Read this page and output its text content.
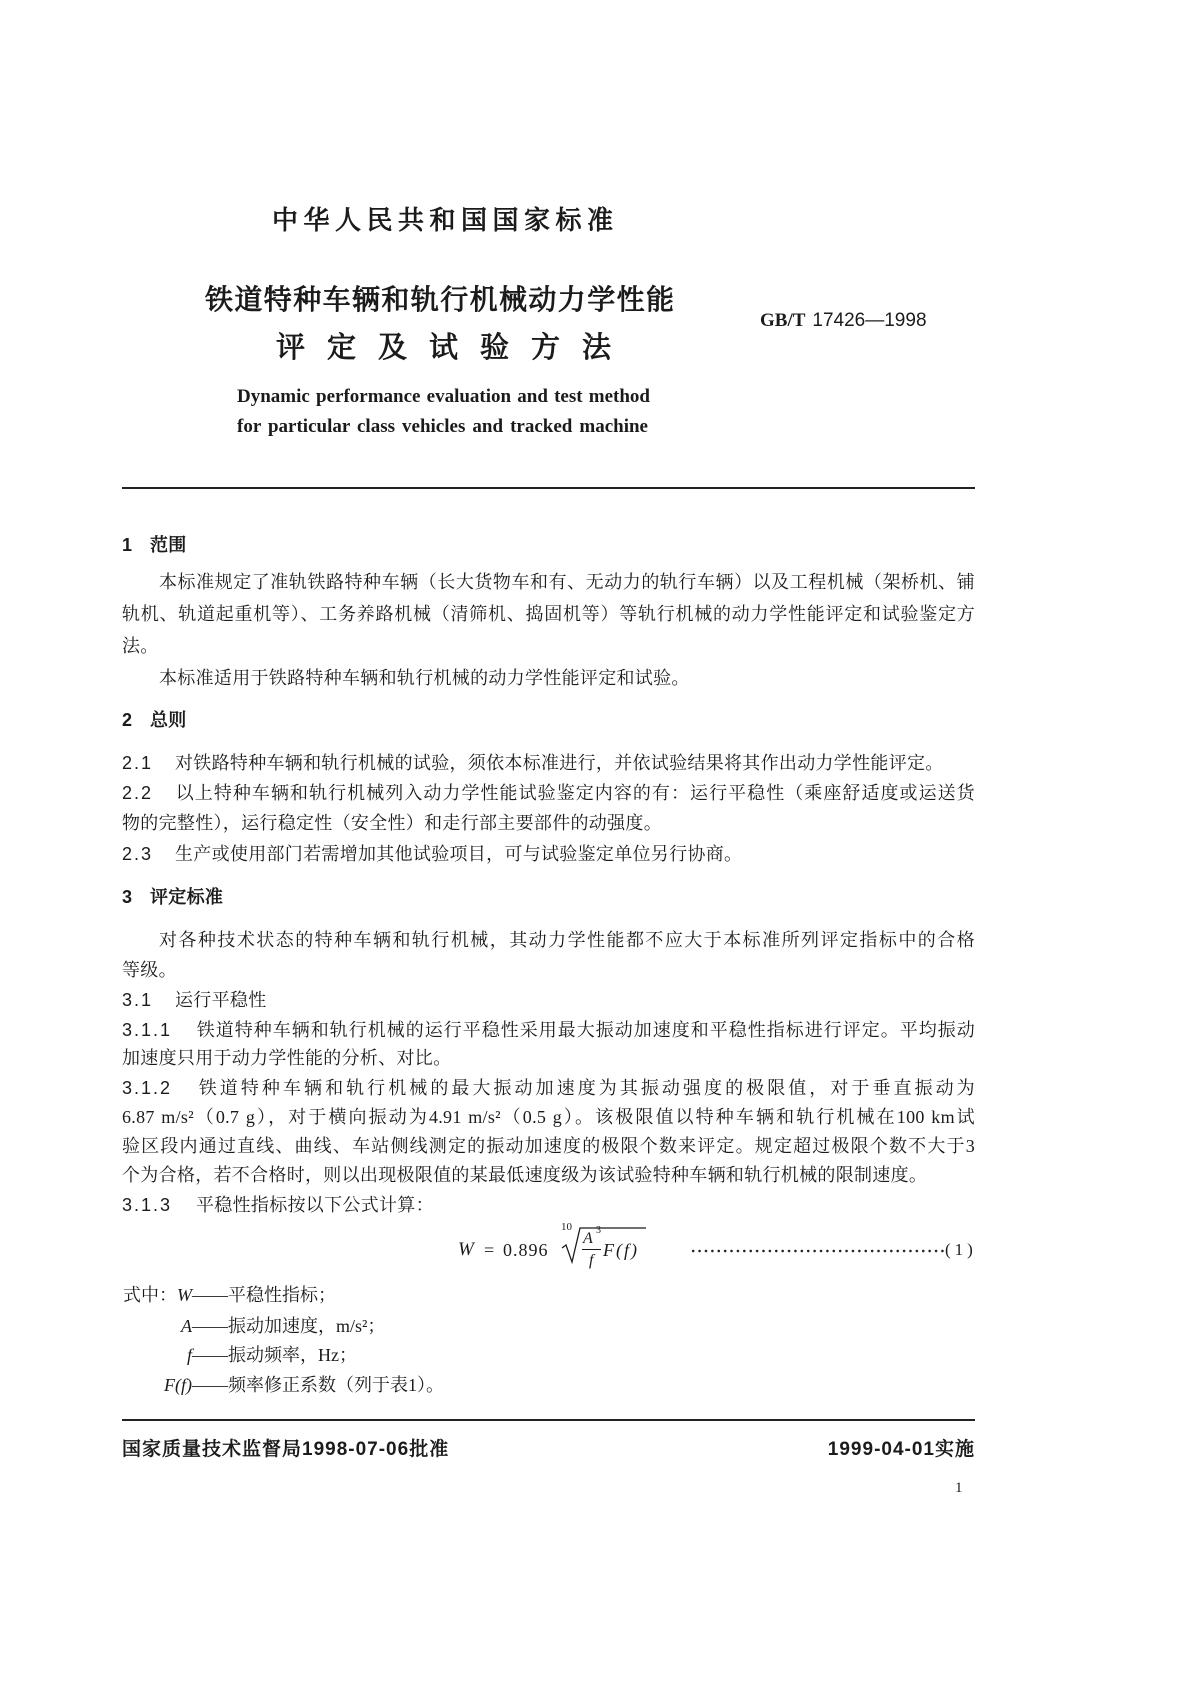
中华人民共和国国家标准
铁道特种车辆和轨行机械动力学性能
评定及试验方法
GB/T 17426—1998
Dynamic performance evaluation and test method
for particular class vehicles and tracked machine
1 范围
本标准规定了准轨铁路特种车辆（长大货物车和有、无动力的轨行车辆）以及工程机械（架桥机、铺
轨机、轨道起重机等）、工务养路机械（清筛机、捣固机等）等轨行机械的动力学性能评定和试验鉴定方
法。
本标准适用于铁路特种车辆和轨行机械的动力学性能评定和试验。
2 总则
2.1 对铁路特种车辆和轨行机械的试验，须依本标准进行，并依试验结果将其作出动力学性能评定。
2.2 以上特种车辆和轨行机械列入动力学性能试验鉴定内容的有：运行平稳性（乘座舒适度或运送货
物的完整性），运行稳定性（安全性）和走行部主要部件的动强度。
2.3 生产或使用部门若需增加其他试验项目，可与试验鉴定单位另行协商。
3 评定标准
对各种技术状态的特种车辆和轨行机械，其动力学性能都不应大于本标准所列评定指标中的合格
等级。
3.1 运行平稳性
3.1.1 铁道特种车辆和轨行机械的运行平稳性采用最大振动加速度和平稳性指标进行评定。平均振动
加速度只用于动力学性能的分析、对比。
3.1.2 铁道特种车辆和轨行机械的最大振动加速度为其振动强度的极限值，对于垂直振动为
6.87 m/s²（0.7 g），对于横向振动为4.91 m/s²（0.5 g）。该极限值以特种车辆和轨行机械在100 km试
验区段内通过直线、曲线、车站侧线测定的振动加速度的极限个数来评定。规定超过极限个数不大于3
个为合格，若不合格时，则以出现极限值的某最低速度级为该试验特种车辆和轨行机械的限制速度。
3.1.3 平稳性指标按以下公式计算：
W = 0.896
10
A 3
f
F(f)	(1)
式中：W——平稳性指标；
A——振动加速度，m/s²；
f——振动频率，Hz；
F(f)——频率修正系数（列于表1）。
国家质量技术监督局1998-07-06批准	1999-04-01实施
1
